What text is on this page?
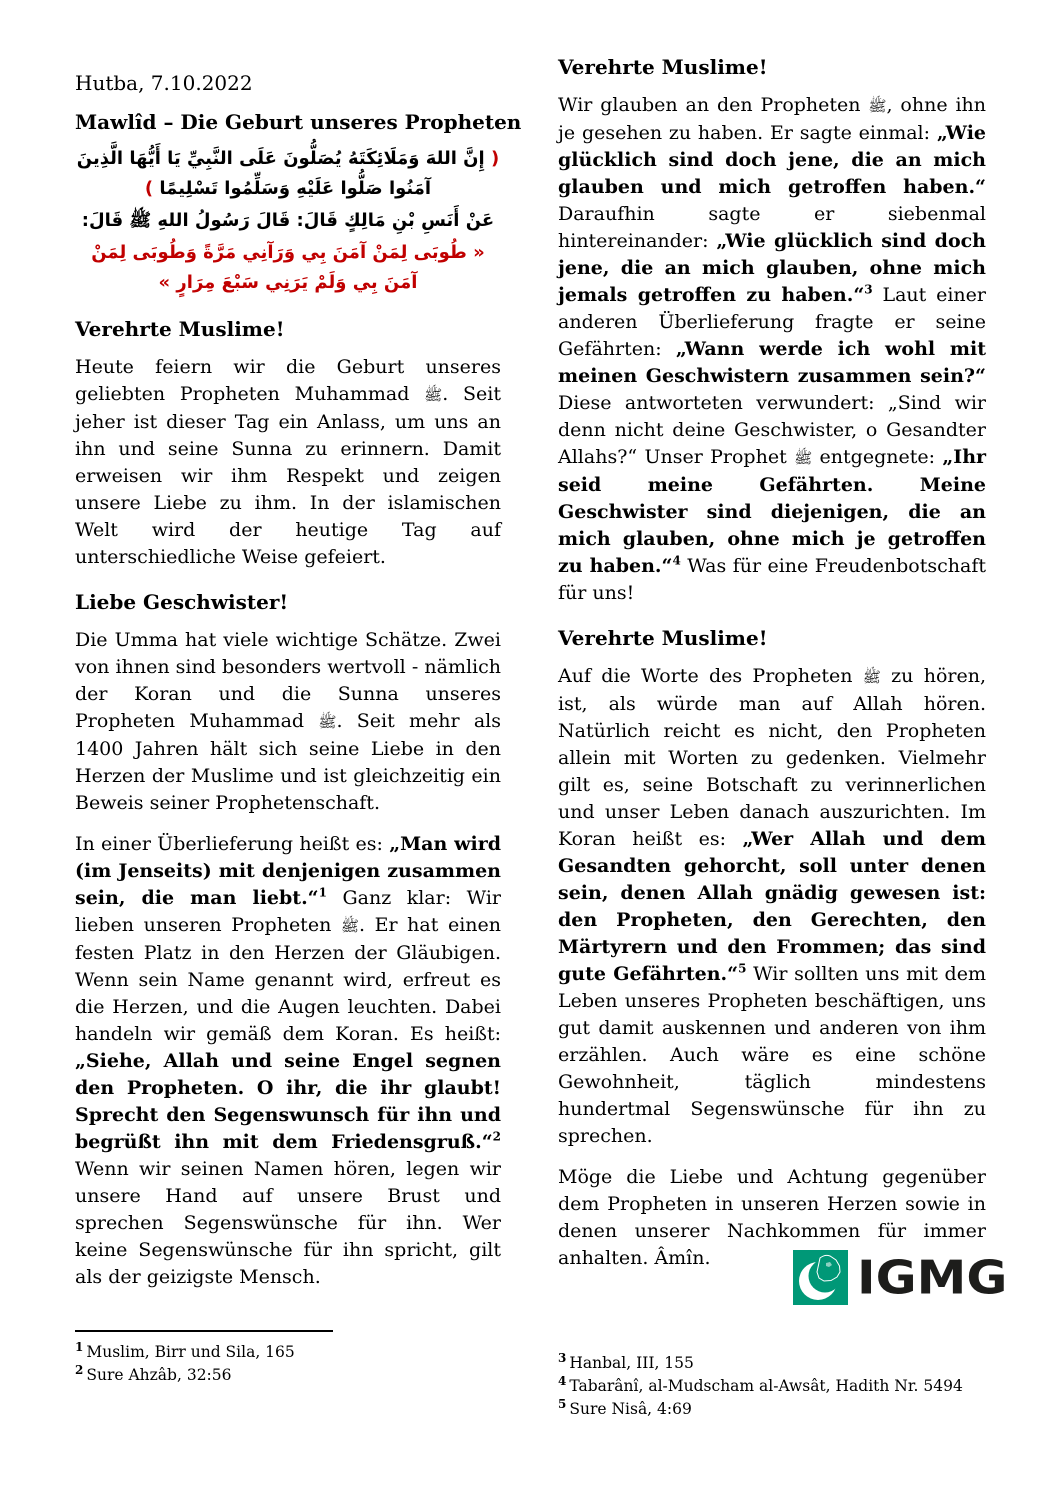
Hutba, 7.10.2022

Mawlîd – Die Geburt unseres Propheten

( إِنَّ اللهَ وَمَلَائِكَتَهُ يُصَلُّونَ عَلَى النَّبِيِّ يَا أَيُّهَا الَّذِينَ آمَنُوا صَلُّوا عَلَيْهِ وَسَلِّمُوا تَسْلِيمًا )

عَنْ أَنَسِ بْنِ مَالِكٍ قَالَ: قَالَ رَسُولُ اللهِ ﷺ قَالَ:

« طُوبَى لِمَنْ آمَنَ بِي وَرَآنِي مَرَّةً وَطُوبَى لِمَنْ آمَنَ بِي وَلَمْ يَرَنِي سَبْعَ مِرَارٍ »

Verehrte Muslime!

Heute feiern wir die Geburt unseres geliebten Propheten Muhammad ﷺ. Seit jeher ist dieser Tag ein Anlass, um uns an ihn und seine Sunna zu erinnern. Damit erweisen wir ihm Respekt und zeigen unsere Liebe zu ihm. In der islamischen Welt wird der heutige Tag auf unterschiedliche Weise gefeiert.

Liebe Geschwister!

Die Umma hat viele wichtige Schätze. Zwei von ihnen sind besonders wertvoll - nämlich der Koran und die Sunna unseres Propheten Muhammad ﷺ. Seit mehr als 1400 Jahren hält sich seine Liebe in den Herzen der Muslime und ist gleichzeitig ein Beweis seiner Prophetenschaft.

In einer Überlieferung heißt es: „Man wird (im Jenseits) mit denjenigen zusammen sein, die man liebt.“$^1$ Ganz klar: Wir lieben unseren Propheten ﷺ. Er hat einen festen Platz in den Herzen der Gläubigen. Wenn sein Name genannt wird, erfreut es die Herzen, und die Augen leuchten. Dabei handeln wir gemäß dem Koran. Es heißt: „Siehe, Allah und seine Engel segnen den Propheten. O ihr, die ihr glaubt! Sprecht den Segenswunsch für ihn und begrüßt ihn mit dem Friedensgruß.“$^2$ Wenn wir seinen Namen hören, legen wir unsere Hand auf unsere Brust und sprechen Segenswünsche für ihn. Wer keine Segenswünsche für ihn spricht, gilt als der geizigste Mensch.

Verehrte Muslime!

Wir glauben an den Propheten ﷺ, ohne ihn je gesehen zu haben. Er sagte einmal: „Wie glücklich sind doch jene, die an mich glauben und mich getroffen haben.“ Daraufhin sagte er siebenmal hintereinander: „Wie glücklich sind doch jene, die an mich glauben, ohne mich jemals getroffen zu haben.“$^3$ Laut einer anderen Überlieferung fragte er seine Gefährten: „Wann werde ich wohl mit meinen Geschwistern zusammen sein?“ Diese antworteten verwundert: „Sind wir denn nicht deine Geschwister, o Gesandter Allahs?“ Unser Prophet ﷺ entgegnete: „Ihr seid meine Gefährten. Meine Geschwister sind diejenigen, die an mich glauben, ohne mich je getroffen zu haben.“$^4$ Was für eine Freudenbotschaft für uns!

Verehrte Muslime!

Auf die Worte des Propheten ﷺ zu hören, ist, als würde man auf Allah hören. Natürlich reicht es nicht, den Propheten allein mit Worten zu gedenken. Vielmehr gilt es, seine Botschaft zu verinnerlichen und unser Leben danach auszurichten. Im Koran heißt es: „Wer Allah und dem Gesandten gehorcht, soll unter denen sein, denen Allah gnädig gewesen ist: den Propheten, den Gerechten, den Märtyrern und den Frommen; das sind gute Gefährten.“$^5$ Wir sollten uns mit dem Leben unseres Propheten beschäftigen, uns gut damit auskennen und anderen von ihm erzählen. Auch wäre es eine schöne Gewohnheit, täglich mindestens hundertmal Segenswünsche für ihn zu sprechen.

Möge die Liebe und Achtung gegenüber dem Propheten in unseren Herzen sowie in denen unserer Nachkommen für immer anhalten. Âmîn.	IGMG

$^1$ Muslim, Birr und Sila, 165

$^2$ Sure Ahzâb, 32:56

$^3$ Hanbal, III, 155

$^4$ Tabarânî, al-Mudscham al-Awsât, Hadith Nr. 5494

$^5$ Sure Nisâ, 4:69
